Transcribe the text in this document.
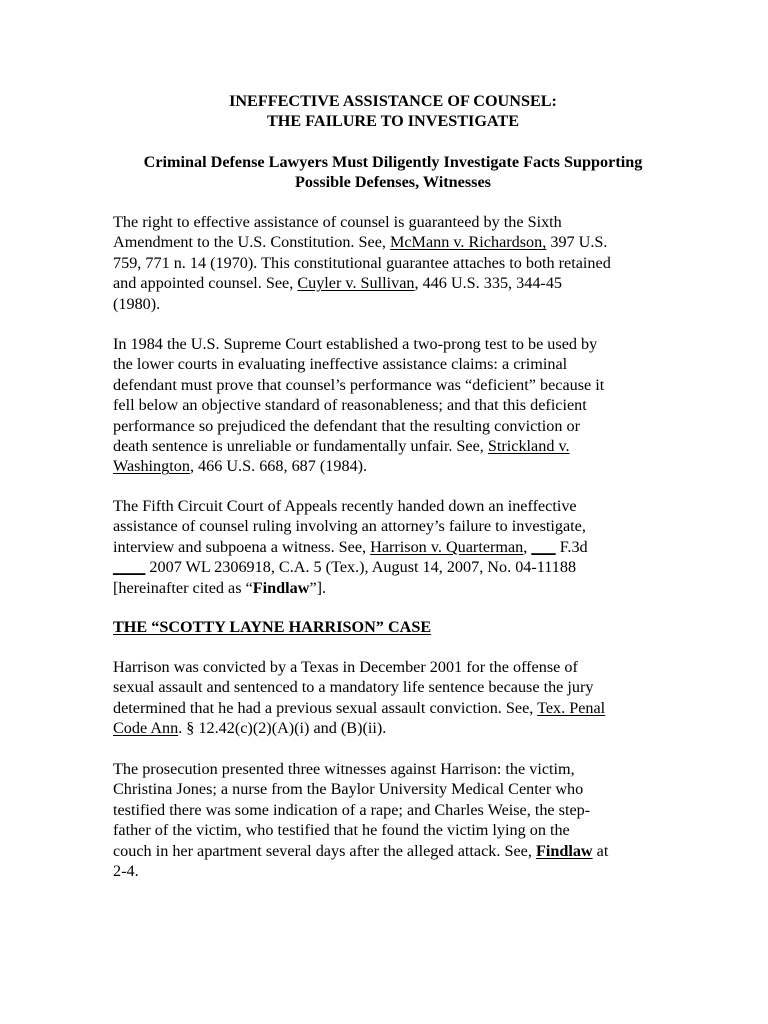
INEFFECTIVE ASSISTANCE OF COUNSEL:
THE FAILURE TO INVESTIGATE
Criminal Defense Lawyers Must Diligently Investigate Facts Supporting
Possible Defenses, Witnesses
The right to effective assistance of counsel is guaranteed by the Sixth
Amendment to the U.S. Constitution. See, McMann v. Richardson, 397 U.S.
759, 771 n. 14 (1970). This constitutional guarantee attaches to both retained
and appointed counsel. See, Cuyler v. Sullivan, 446 U.S. 335, 344-45
(1980).
In 1984 the U.S. Supreme Court established a two-prong test to be used by
the lower courts in evaluating ineffective assistance claims: a criminal
defendant must prove that counsel’s performance was “deficient” because it
fell below an objective standard of reasonableness; and that this deficient
performance so prejudiced the defendant that the resulting conviction or
death sentence is unreliable or fundamentally unfair. See, Strickland v.
Washington, 466 U.S. 668, 687 (1984).
The Fifth Circuit Court of Appeals recently handed down an ineffective
assistance of counsel ruling involving an attorney’s failure to investigate,
interview and subpoena a witness. See, Harrison v. Quarterman, ___ F.3d
____ 2007 WL 2306918, C.A. 5 (Tex.), August 14, 2007, No. 04-11188
[hereinafter cited as “Findlaw”].
THE “SCOTTY LAYNE HARRISON” CASE
Harrison was convicted by a Texas in December 2001 for the offense of
sexual assault and sentenced to a mandatory life sentence because the jury
determined that he had a previous sexual assault conviction. See, Tex. Penal
Code Ann. § 12.42(c)(2)(A)(i) and (B)(ii).
The prosecution presented three witnesses against Harrison: the victim,
Christina Jones; a nurse from the Baylor University Medical Center who
testified there was some indication of a rape; and Charles Weise, the step-
father of the victim, who testified that he found the victim lying on the
couch in her apartment several days after the alleged attack. See, Findlaw at
2-4.
